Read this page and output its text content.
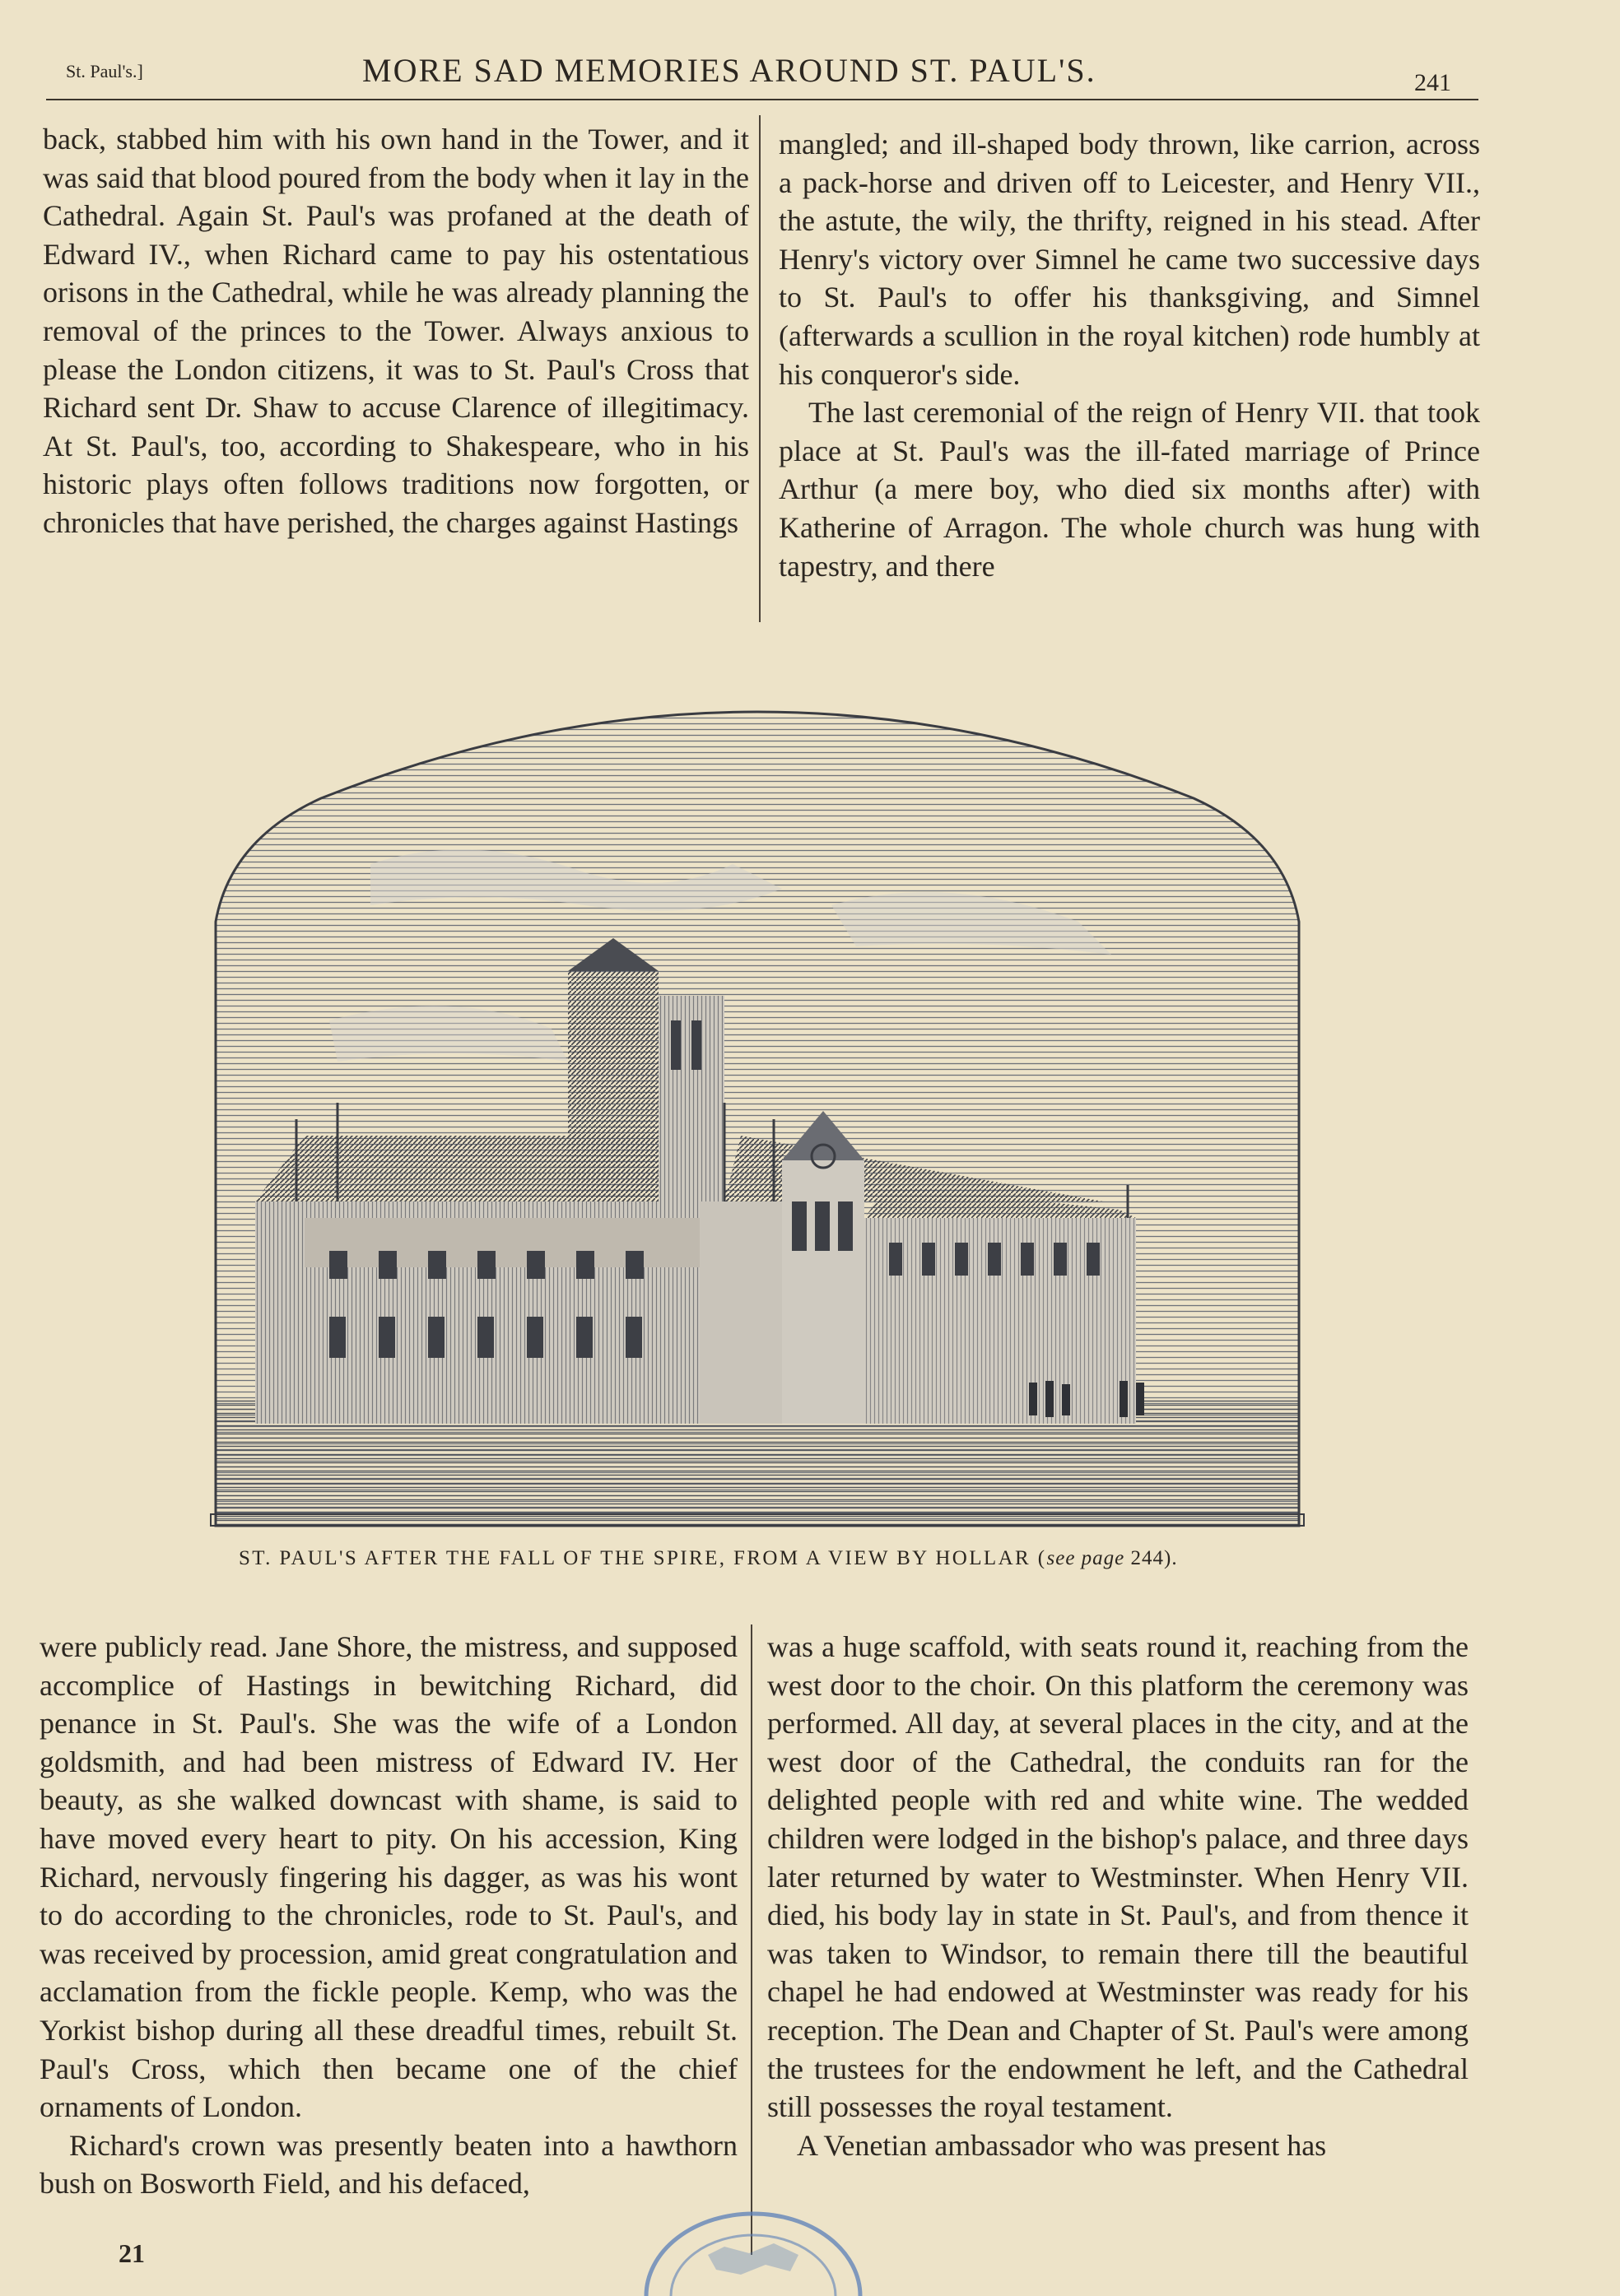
St. Paul's.]	MORE SAD MEMORIES AROUND ST. PAUL'S.	241

back, stabbed him with his own hand in the Tower, and it was said that blood poured from the body when it lay in the Cathedral. Again St. Paul's was profaned at the death of Edward IV., when Richard came to pay his ostentatious orisons in the Cathedral, while he was already planning the removal of the princes to the Tower. Always anxious to please the London citizens, it was to St. Paul's Cross that Richard sent Dr. Shaw to accuse Clarence of illegitimacy. At St. Paul's, too, according to Shakespeare, who in his historic plays often follows traditions now forgotten, or chronicles that have perished, the charges against Hastings

mangled; and ill-shaped body thrown, like carrion, across a pack-horse and driven off to Leicester, and Henry VII., the astute, the wily, the thrifty, reigned in his stead. After Henry's victory over Simnel he came two successive days to St. Paul's to offer his thanksgiving, and Simnel (afterwards a scullion in the royal kitchen) rode humbly at his conqueror's side.

The last ceremonial of the reign of Henry VII. that took place at St. Paul's was the ill-fated marriage of Prince Arthur (a mere boy, who died six months after) with Katherine of Arragon. The whole church was hung with tapestry, and there

ST. PAUL'S AFTER THE FALL OF THE SPIRE, FROM A VIEW BY HOLLAR (see page 244).

were publicly read. Jane Shore, the mistress, and supposed accomplice of Hastings in bewitching Richard, did penance in St. Paul's. She was the wife of a London goldsmith, and had been mistress of Edward IV. Her beauty, as she walked downcast with shame, is said to have moved every heart to pity. On his accession, King Richard, nervously fingering his dagger, as was his wont to do according to the chronicles, rode to St. Paul's, and was received by procession, amid great congratulation and acclamation from the fickle people. Kemp, who was the Yorkist bishop during all these dreadful times, rebuilt St. Paul's Cross, which then became one of the chief ornaments of London.

Richard's crown was presently beaten into a hawthorn bush on Bosworth Field, and his defaced,

was a huge scaffold, with seats round it, reaching from the west door to the choir. On this platform the ceremony was performed. All day, at several places in the city, and at the west door of the Cathedral, the conduits ran for the delighted people with red and white wine. The wedded children were lodged in the bishop's palace, and three days later returned by water to Westminster. When Henry VII. died, his body lay in state in St. Paul's, and from thence it was taken to Windsor, to remain there till the beautiful chapel he had endowed at Westminster was ready for his reception. The Dean and Chapter of St. Paul's were among the trustees for the endowment he left, and the Cathedral still possesses the royal testament.

A Venetian ambassador who was present has

21
